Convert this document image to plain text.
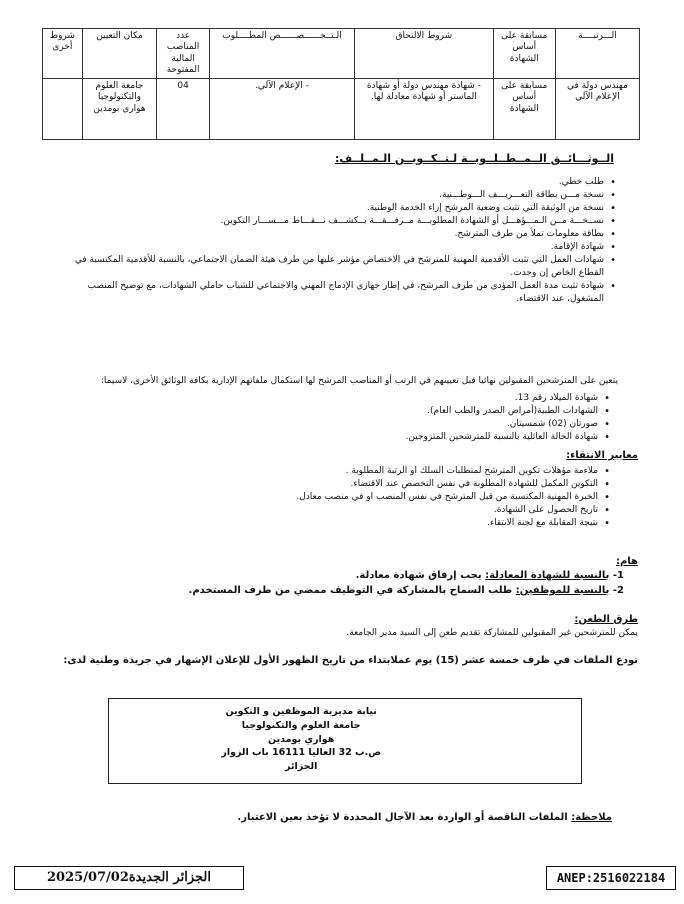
الـــرتبــــة	مسابقة على أساس الشهادة	شروط الالتحاق	الـتــخــــــصــــــص المطــــلوب	عدد المناصب المالية المفتوحة	مكان التعيين	شروط أخرى
مهندس دولة في الإعلام الآلي	مسابقة على أساس الشهادة	- شهادة مهندس دولة أو شهادة الماستر أو شهادة معادلة لها.	- الإعلام الآلي.	04	جامعة العلوم والتكنولوجيا هواري بومدين	
الــوثـــائــق الــمــطــلــوبــة لـتــكــويــن الـمــلــف:
• طلب خطي.
• نسخة مـــن بطاقة التعـــريـــف الـــوطـــنية.
• نسخة من الوثيقة التي تثبت وضعية المرشح إزاء الخدمة الوطنية.
• نســخـــة مــن الـمـــؤهـــل أو الشهادة المطلوبـــة مــرفـــقـــة بــكشـــف نـــقـــاط مـــســـار التكوين.
• بطاقة معلومات تملأ من طرف المترشح.
• شهادة الإقامة.
• شهادات العمل التي تثبت الأقدمية المهنية للمترشح في الاختصاص مؤشر عليها من طرف هيئة الضمان الاجتماعي، بالنسبة للأقدمية المكتسبة في القطاع الخاص إن وجدت.
• شهادة تثبت مدة العمل المؤدى من طرف المرشح، في إطار جهازي الإدماج المهني والاجتماعي للشباب حاملي الشهادات، مع توضيح المنصب المشغول، عند الاقتضاء.
يتعين على المترشحين المقبولين نهائيا قبل تعيينهم في الرتب أو المناصب المرشح لها استكمال ملفاتهم الإدارية بكافة الوثائق الأخرى، لاسيما:
• شهادة الميلاد رقم 13.
• الشهادات الطبية(أمراض الصدر والطب العام).
• صورتان (02) شمسيتان.
• شهادة الحالة العائلية بالنسبة للمترشحين المتزوجين.
معايير الانتقاء:
• ملاءمة مؤهلات تكوين المترشح لمتطلبات السلك او الرتبة المطلوبة .
• التكوين المكمل للشهادة المطلوبة في نفس التخصص عند الاقتضاء.
• الخبرة المهنية المكتسبة من قبل المترشح في نفس المنصب او في منصب معادل.
• تاريخ الحصول على الشهادة.
• نتيجة المقابلة مع لجنة الانتقاء.
هام:
1- بالنسبة للشهادة المعادلة: يجب إرفاق شهادة معادلة.
2- بالنسبة للموظفين: طلب السماح بالمشاركة في التوظيف ممضي من طرف المستخدم.
طرق الطعن:
يمكن للمترشحين غير المقبولين للمشاركة تقديم طعن إلى السيد مدير الجامعة.
تودع الملفات في ظرف خمسة عشر (15) يوم عملابتداء من تاريخ الظهور الأول للإعلان الإشهار في جريدة وطنية لدى:
نيابة مديرية الموظفين و التكوين
جامعة العلوم والتكنولوجيا
هواري بومدين
ص.ب 32 العاليا 16111 باب الزوار
الجزائر
ملاحظة: الملفات الناقصة أو الواردة بعد الآجال المحددة لا تؤخذ بعين الاعتبار.
ANEP:2516022184
الجزائر الجديدة2025/07/02
